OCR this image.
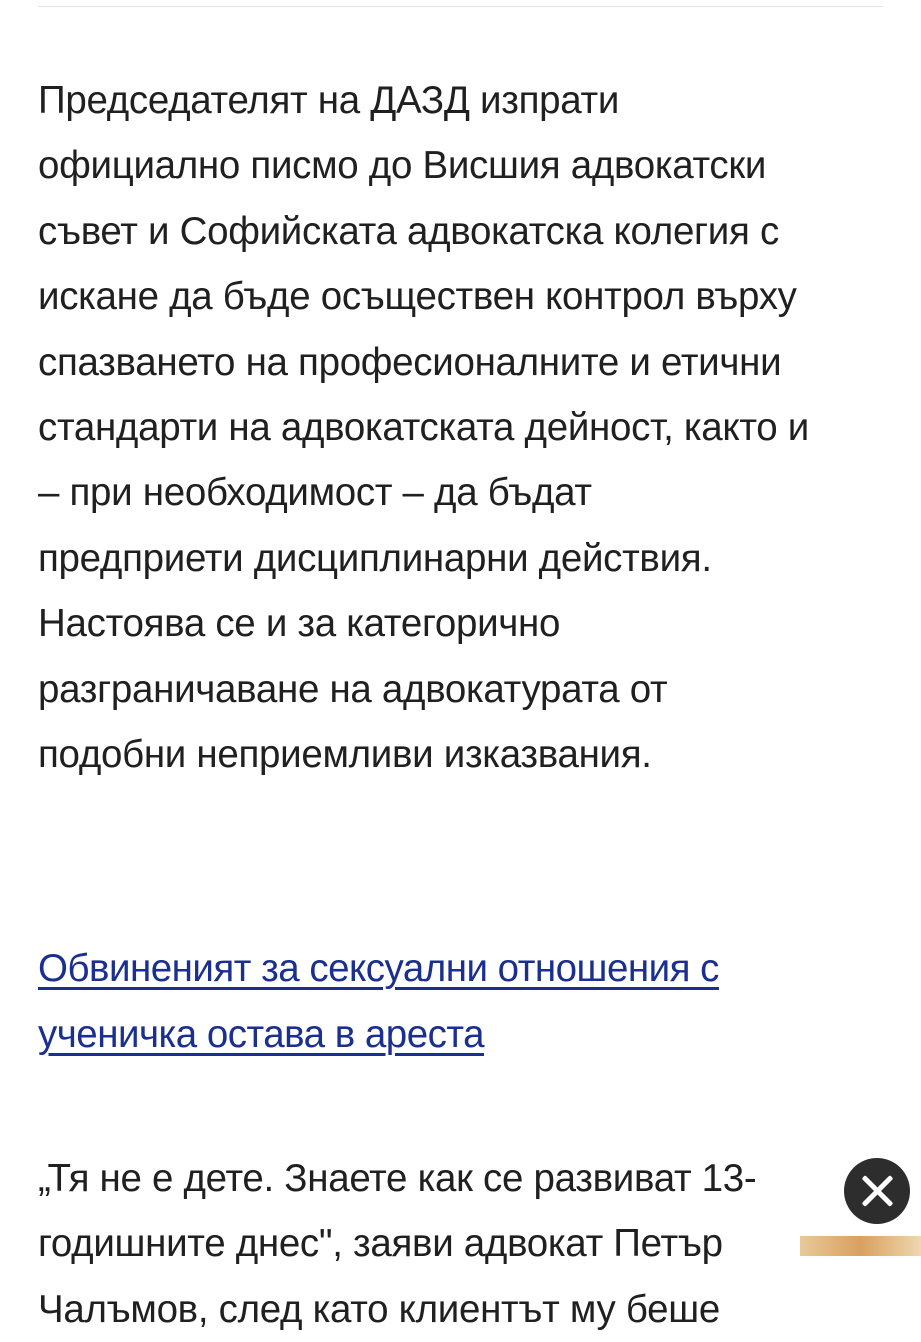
Председателят на ДАЗД изпрати
официално писмо до Висшия адвокатски
съвет и Софийската адвокатска колегия с
искане да бъде осъществен контрол върху
спазването на професионалните и етични
стандарти на адвокатската дейност, както и
– при необходимост – да бъдат
предприети дисциплинарни действия.
Настоява се и за категорично
разграничаване на адвокатурата от
подобни неприемливи изказвания.

Обвиненият за сексуални отношения с
ученичка остава в ареста

„Тя не е дете. Знаете как се развиват 13-
годишните днес", заяви адвокат Петър
Чалъмов, след като клиентът му беше
